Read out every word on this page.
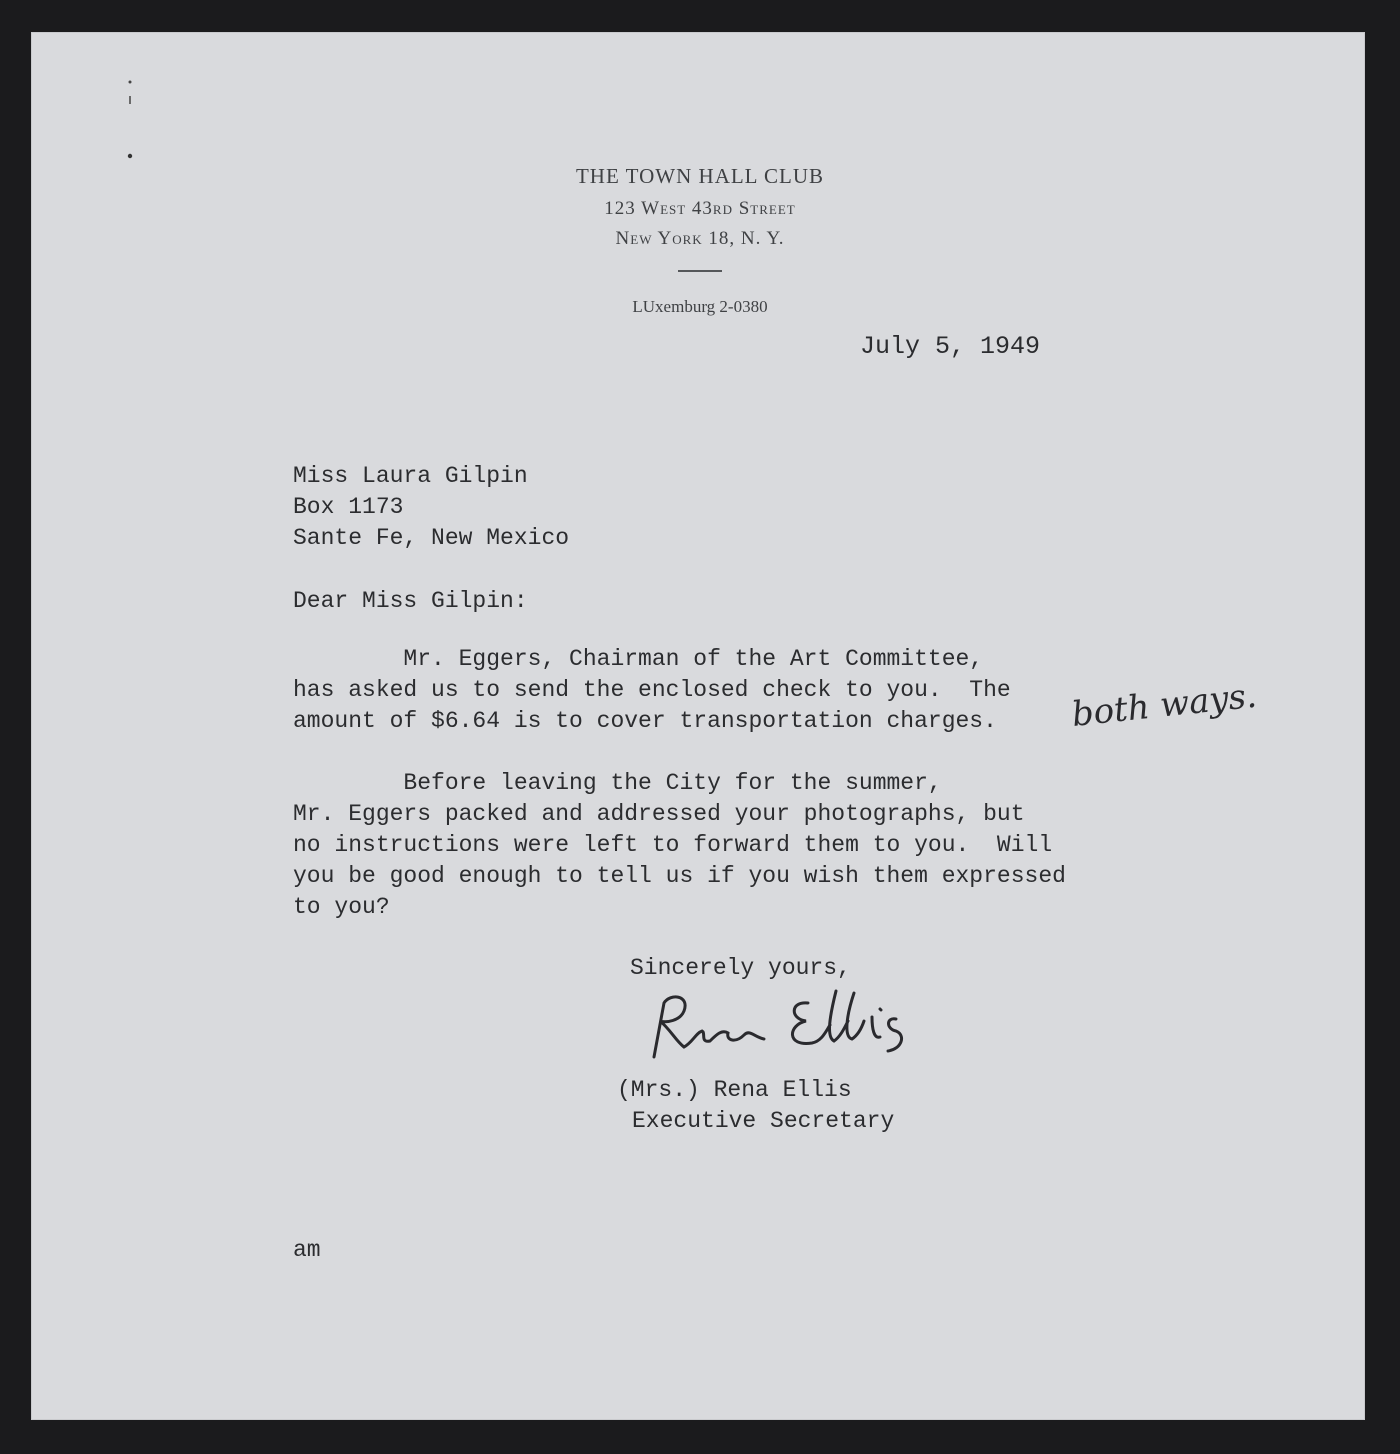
THE TOWN HALL CLUB
123 West 43rd Street
New York 18, N. Y.
LUxemburg 2-0380
July 5, 1949
Miss Laura Gilpin
Box 1173
Sante Fe, New Mexico
Dear Miss Gilpin:
Mr. Eggers, Chairman of the Art Committee,
has asked us to send the enclosed check to you.  The
amount of $6.64 is to cover transportation charges. both ways.
Before leaving the City for the summer,
Mr. Eggers packed and addressed your photographs, but
no instructions were left to forward them to you.  Will
you be good enough to tell us if you wish them expressed
to you?
Sincerely yours,
(Mrs.) Rena Ellis
Executive Secretary
am
